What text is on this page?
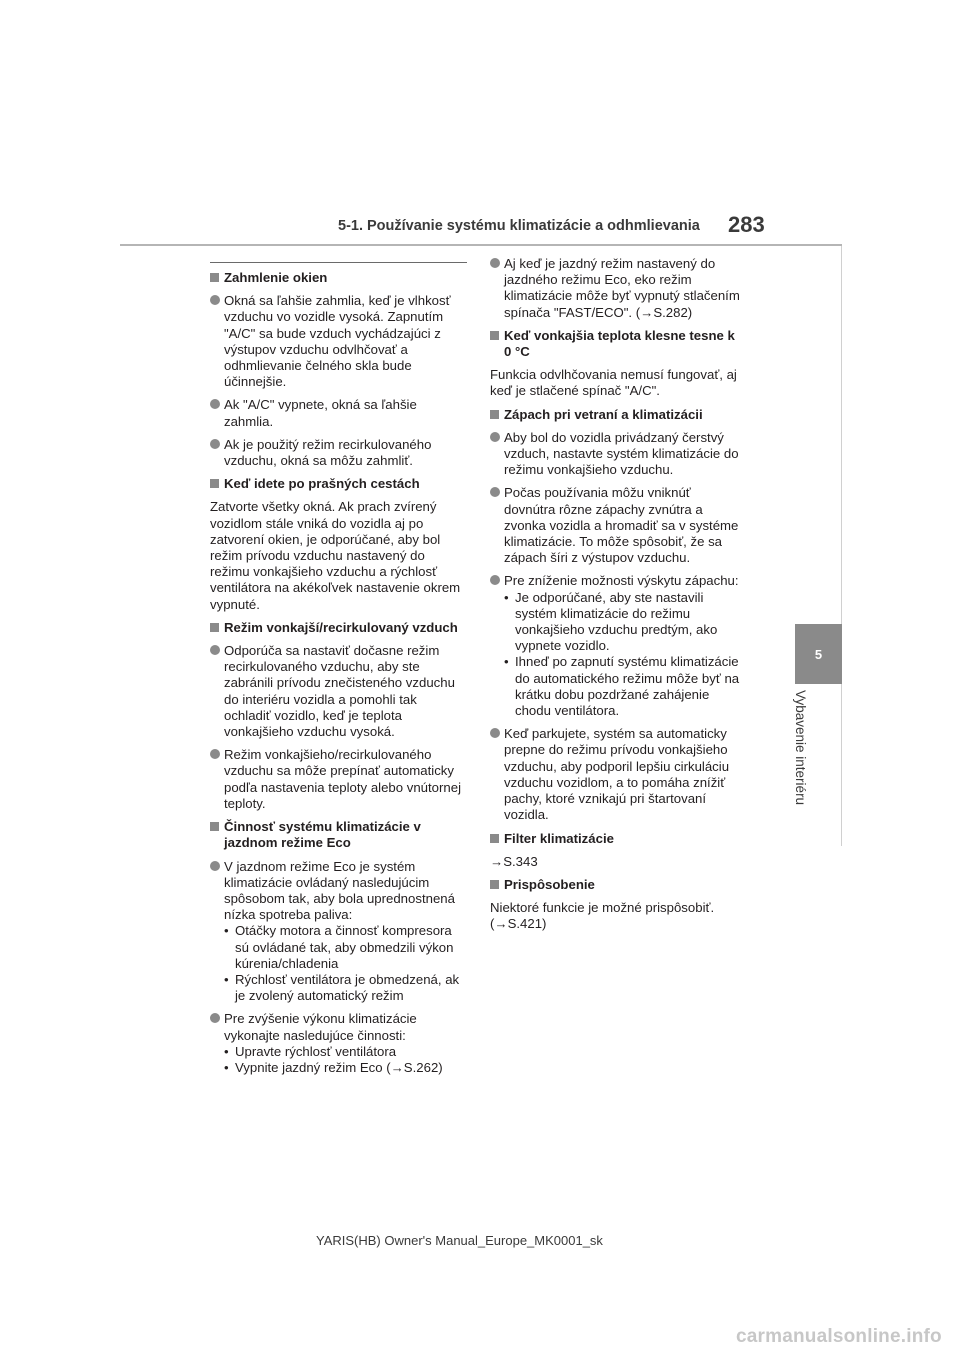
5-1. Používanie systému klimatizácie a odhmlievania 283
5
Vybavenie interiéru
Zahmlenie okien
Okná sa ľahšie zahmlia, keď je vlhkosť vzduchu vo vozidle vysoká. Zapnutím "A/C" sa bude vzduch vychádzajúci z výstupov vzduchu odvlhčovať a odhmlievanie čelného skla bude účinnejšie.
Ak "A/C" vypnete, okná sa ľahšie zahmlia.
Ak je použitý režim recirkulovaného vzduchu, okná sa môžu zahmliť.
Keď idete po prašných cestách
Zatvorte všetky okná. Ak prach zvírený vozidlom stále vniká do vozidla aj po zatvorení okien, je odporúčané, aby bol režim prívodu vzduchu nastavený do režimu vonkajšieho vzduchu a rýchlosť ventilátora na akékoľvek nastavenie okrem vypnuté.
Režim vonkajší/recirkulovaný vzduch
Odporúča sa nastaviť dočasne režim recirkulovaného vzduchu, aby ste zabránili prívodu znečisteného vzduchu do interiéru vozidla a pomohli tak ochladiť vozidlo, keď je teplota vonkajšieho vzduchu vysoká.
Režim vonkajšieho/recirkulovaného vzduchu sa môže prepínať automaticky podľa nastavenia teploty alebo vnútornej teploty.
Činnosť systému klimatizácie v jazdnom režime Eco
V jazdnom režime Eco je systém klimatizácie ovládaný nasledujúcim spôsobom tak, aby bola uprednostnená nízka spotreba paliva:
• Otáčky motora a činnosť kompresora sú ovládané tak, aby obmedzili výkon kúrenia/chladenia
• Rýchlosť ventilátora je obmedzená, ak je zvolený automatický režim
Pre zvýšenie výkonu klimatizácie vykonajte nasledujúce činnosti:
• Upravte rýchlosť ventilátora
• Vypnite jazdný režim Eco (→S.262)
Aj keď je jazdný režim nastavený do jazdného režimu Eco, eko režim klimatizácie môže byť vypnutý stlačením spínača "FAST/ECO". (→S.282)
Keď vonkajšia teplota klesne tesne k 0 °C
Funkcia odvlhčovania nemusí fungovať, aj keď je stlačené spínač "A/C".
Zápach pri vetraní a klimatizácii
Aby bol do vozidla privádzaný čerstvý vzduch, nastavte systém klimatizácie do režimu vonkajšieho vzduchu.
Počas používania môžu vniknúť dovnútra rôzne zápachy zvnútra a zvonka vozidla a hromadiť sa v systéme klimatizácie. To môže spôsobiť, že sa zápach šíri z výstupov vzduchu.
Pre zníženie možnosti výskytu zápachu:
• Je odporúčané, aby ste nastavili systém klimatizácie do režimu vonkajšieho vzduchu predtým, ako vypnete vozidlo.
• Ihneď po zapnutí systému klimatizácie do automatického režimu môže byť na krátku dobu pozdržané zahájenie chodu ventilátora.
Keď parkujete, systém sa automaticky prepne do režimu prívodu vonkajšieho vzduchu, aby podporil lepšiu cirkuláciu vzduchu vozidlom, a to pomáha znížiť pachy, ktoré vznikajú pri štartovaní vozidla.
Filter klimatizácie
→S.343
Prispôsobenie
Niektoré funkcie je možné prispôsobiť. (→S.421)
YARIS(HB) Owner's Manual_Europe_MK0001_sk
carmanualsonline.info
